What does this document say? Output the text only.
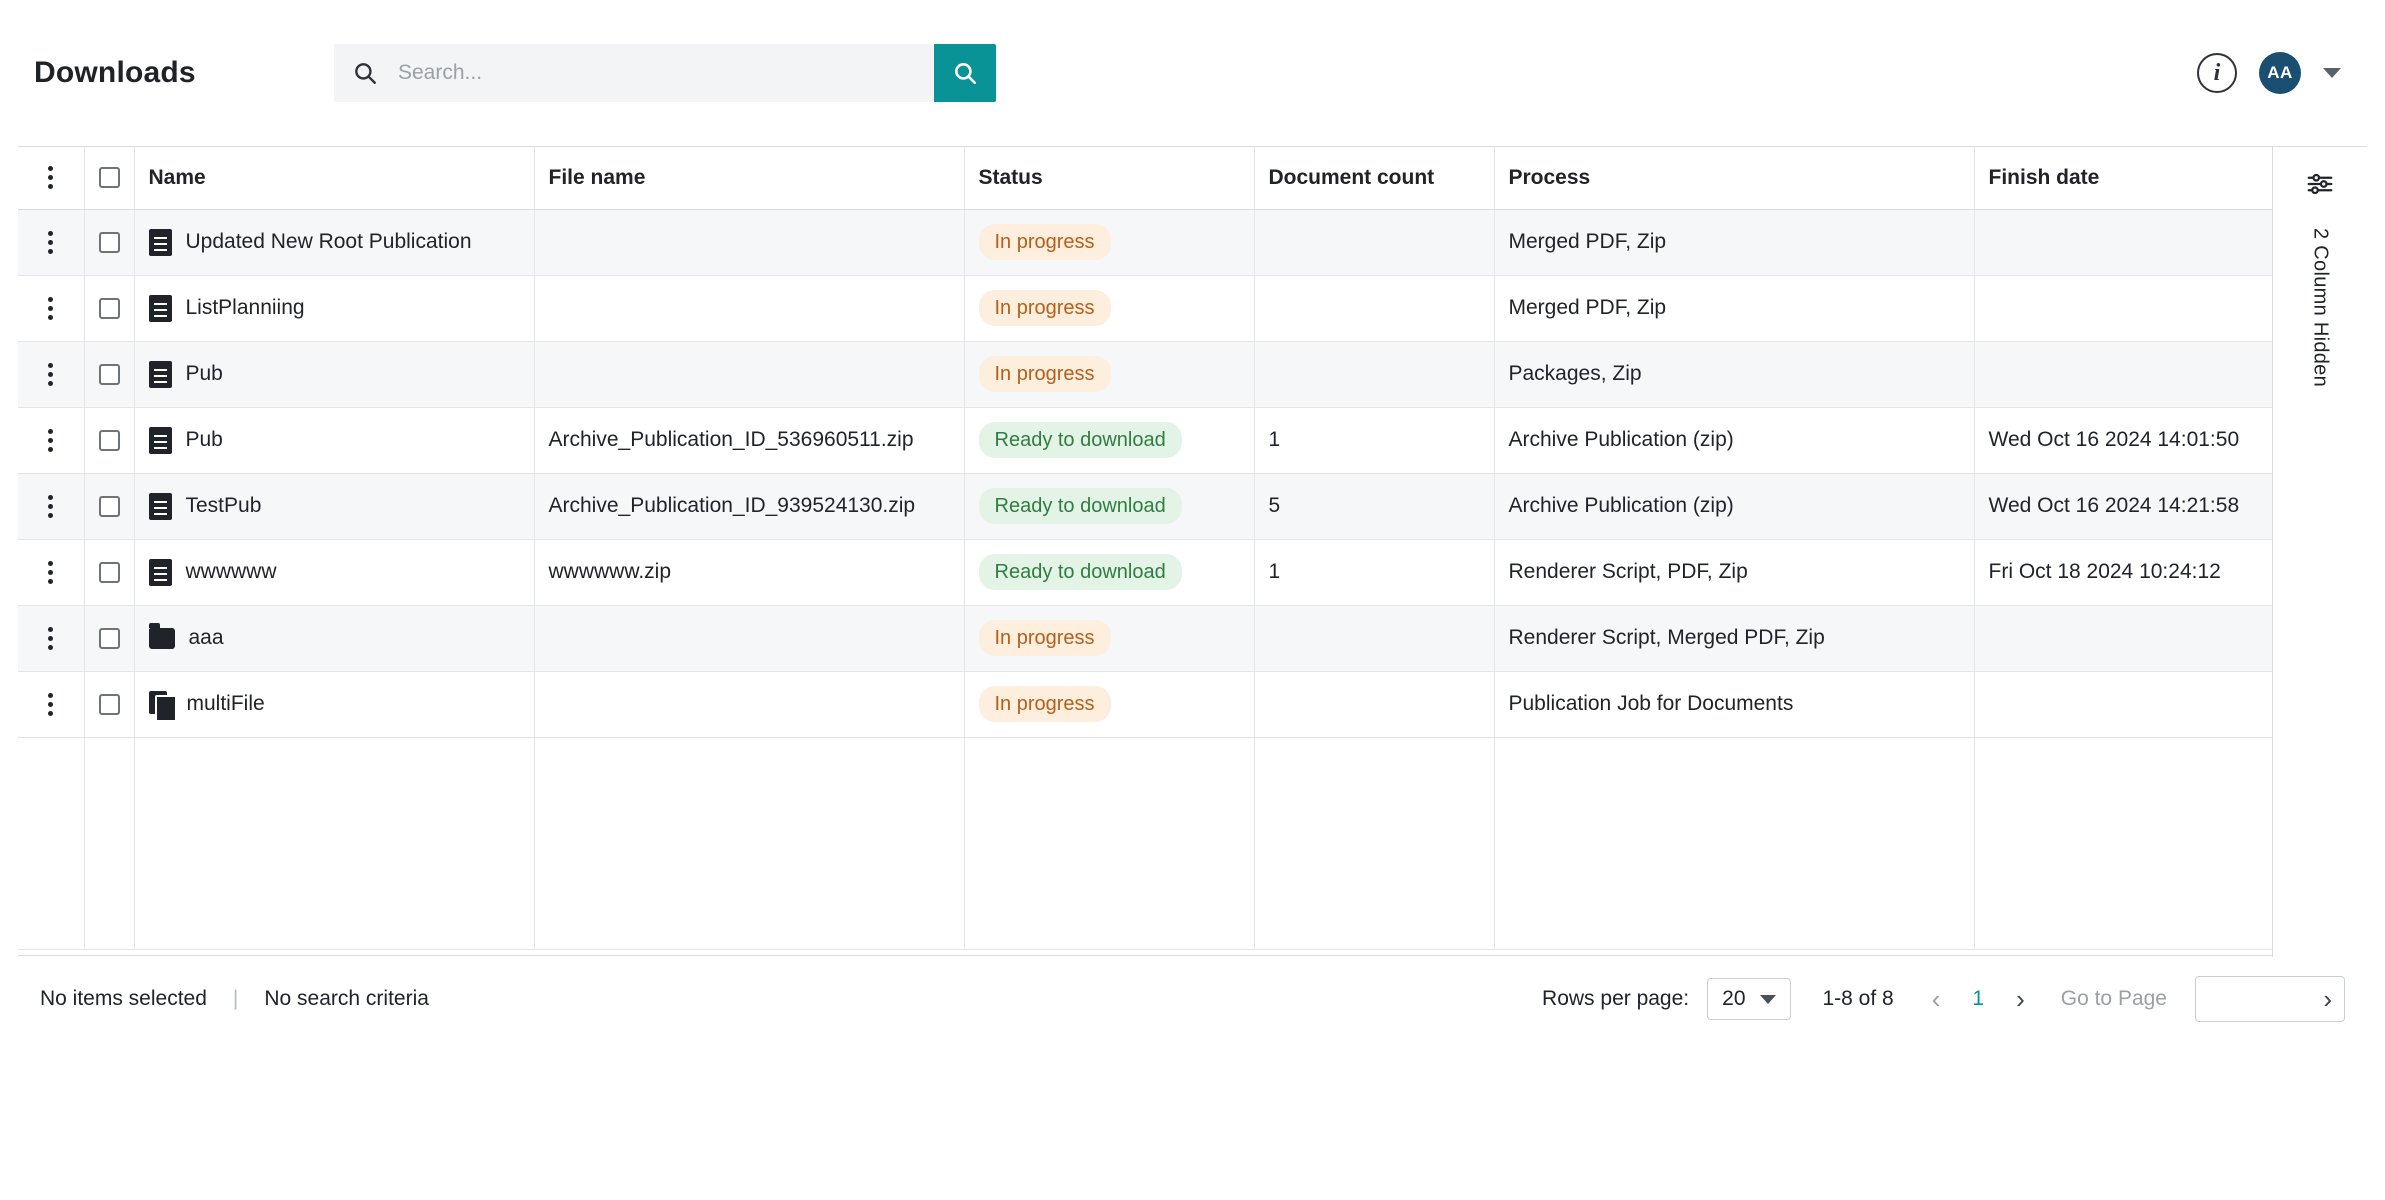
Downloads
Search...	i	AA

	Name	File name	Status	Document count	Process	Finish date

		Updated New Root Publication		In progress		Merged PDF, Zip	

		ListPlanniing		In progress		Merged PDF, Zip	

		Pub		In progress		Packages, Zip	

		Pub	Archive_Publication_ID_536960511.zip	Ready to download	1	Archive Publication (zip)	Wed Oct 16 2024 14:01:50

		TestPub	Archive_Publication_ID_939524130.zip	Ready to download	5	Archive Publication (zip)	Wed Oct 16 2024 14:21:58

		wwwwww	wwwwww.zip	Ready to download	1	Renderer Script, PDF, Zip	Fri Oct 18 2024 10:24:12

		aaa		In progress		Renderer Script, Merged PDF, Zip	

		multiFile		In progress		Publication Job for Documents	

2 Column Hidden
No items selected | No search criteria	Rows per page: 20	1-8 of 8 ‹	1	› Go to Page	›
